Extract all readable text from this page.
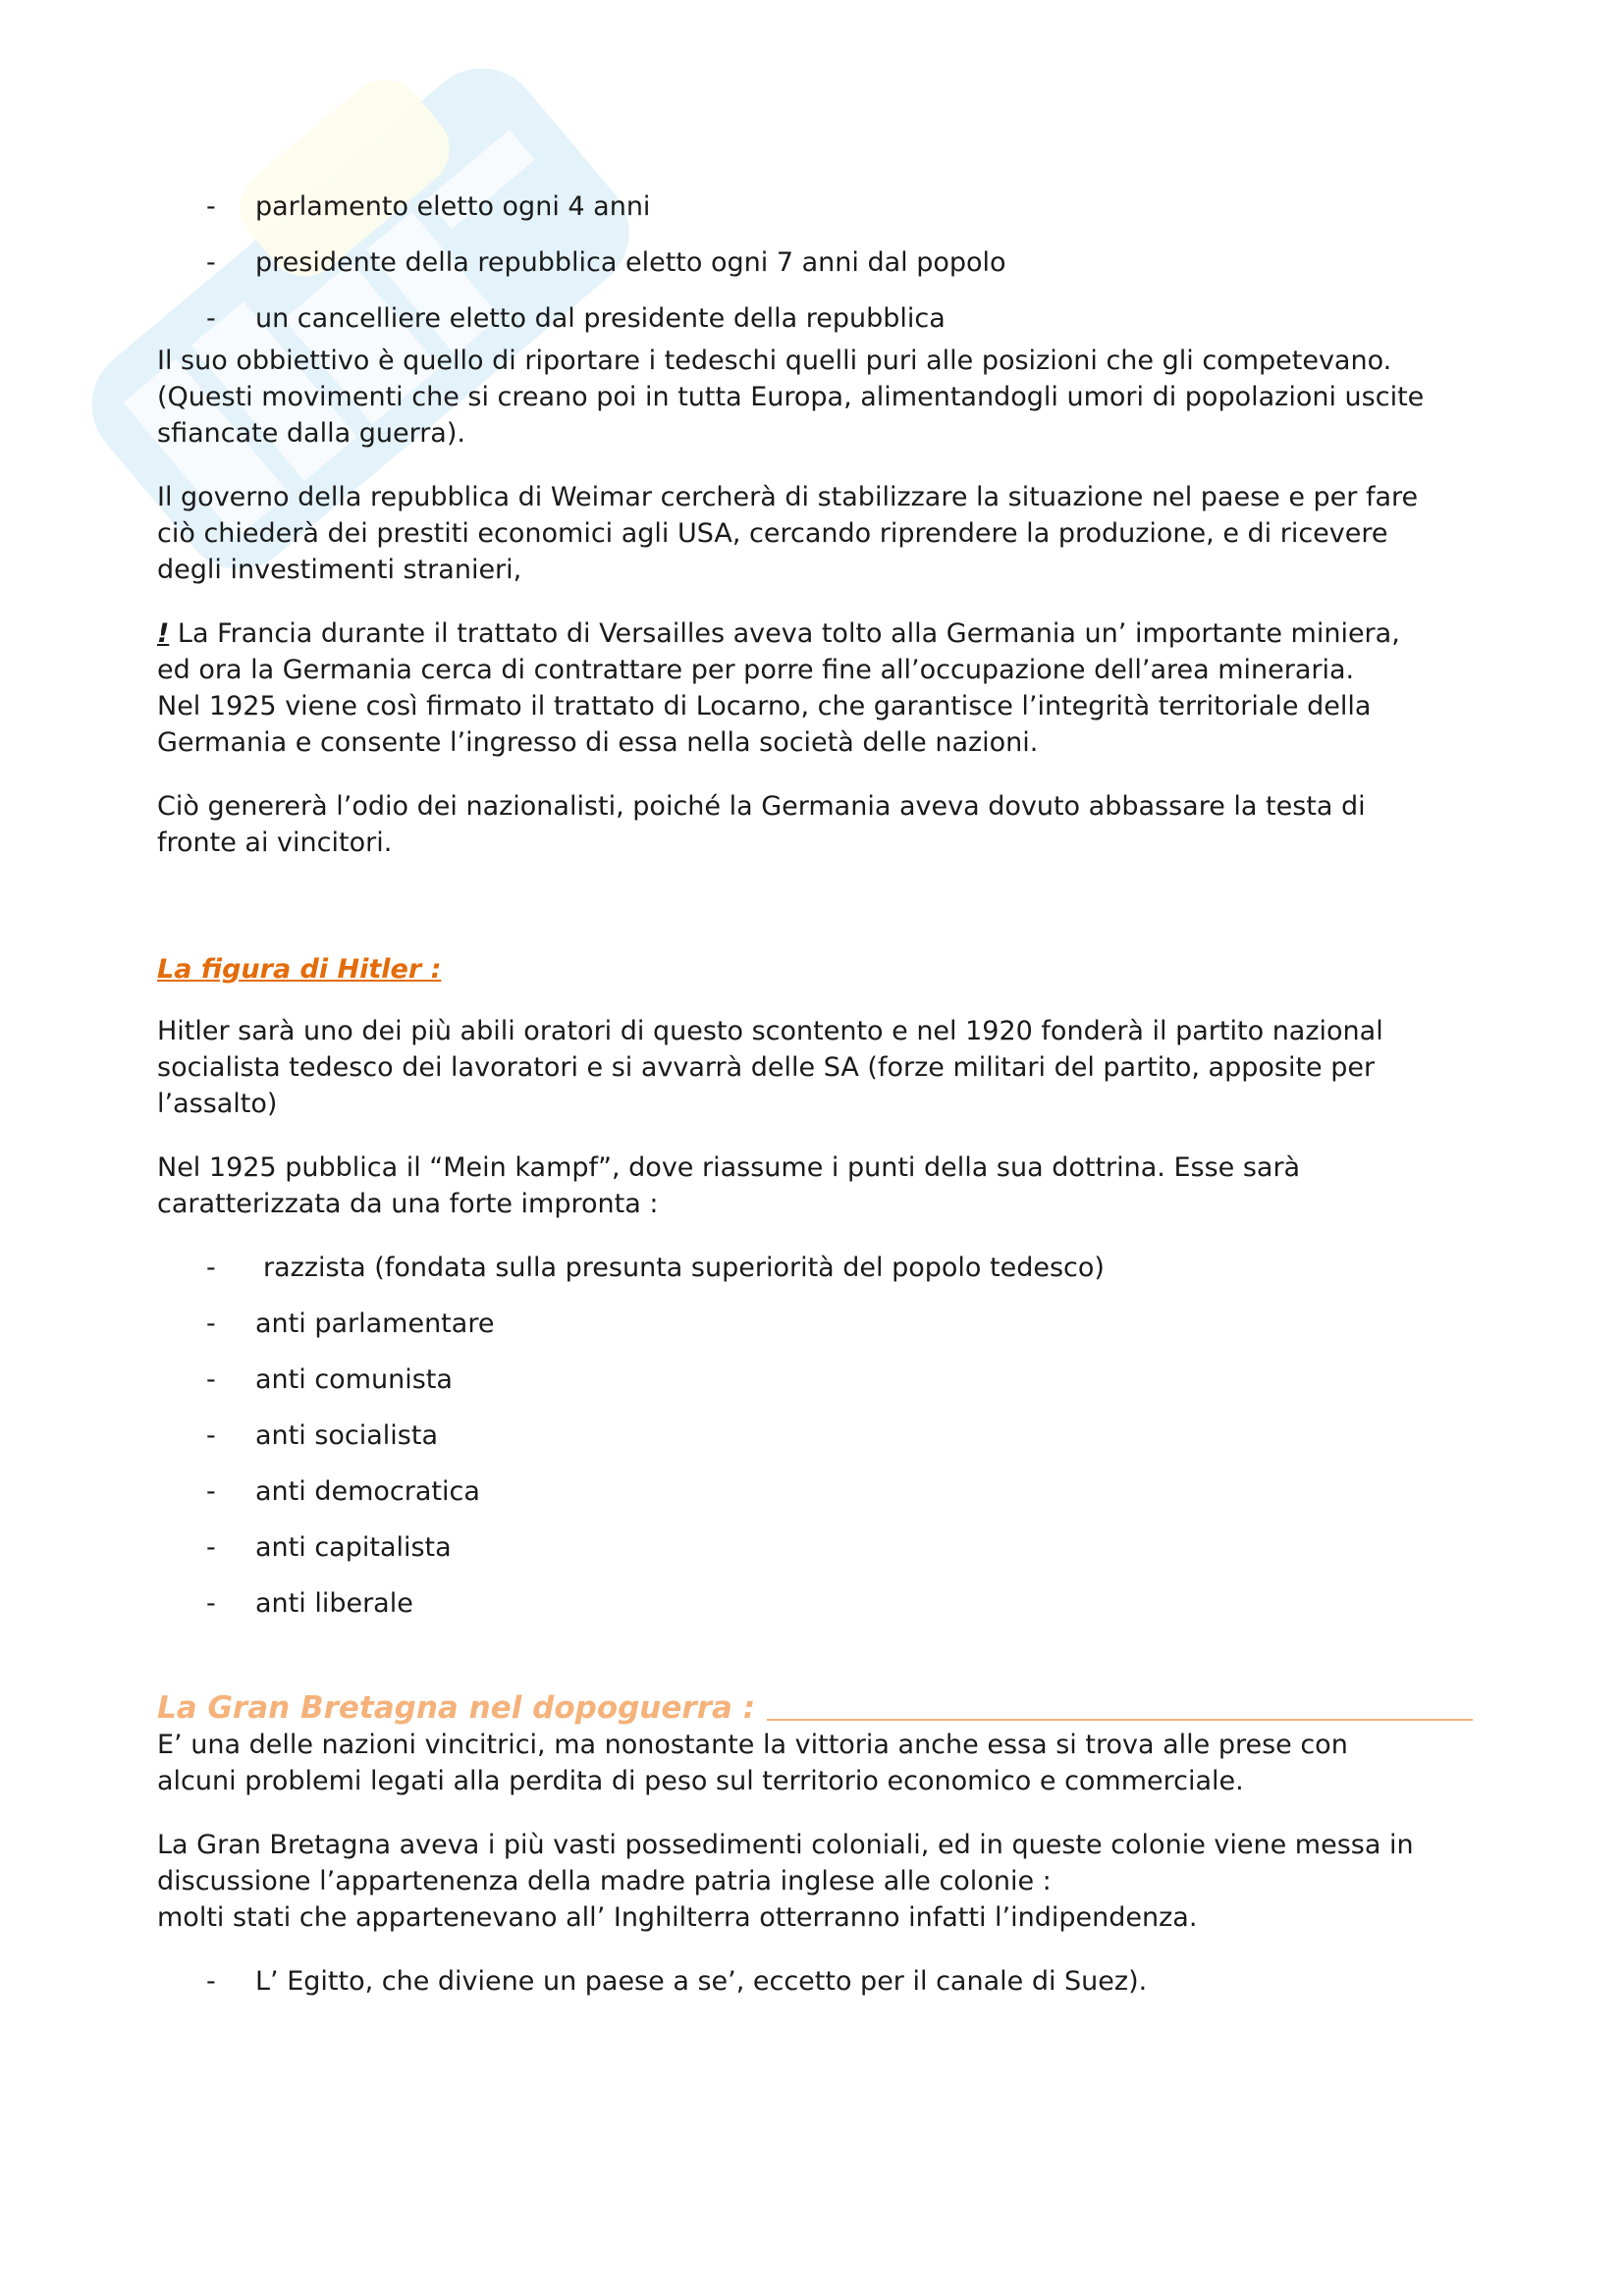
- parlamento eletto ogni 4 anni
- presidente della repubblica eletto ogni 7 anni dal popolo
- un cancelliere eletto dal presidente della repubblica

Il suo obbiettivo è quello di riportare i tedeschi quelli puri alle posizioni che gli competevano.
(Questi movimenti che si creano poi in tutta Europa, alimentandogli umori di popolazioni uscite
sfiancate dalla guerra).

Il governo della repubblica di Weimar cercherà di stabilizzare la situazione nel paese e per fare
ciò chiederà dei prestiti economici agli USA, cercando riprendere la produzione, e di ricevere
degli investimenti stranieri,

! La Francia durante il trattato di Versailles aveva tolto alla Germania un’ importante miniera,
ed ora la Germania cerca di contrattare per porre fine all’occupazione dell’area mineraria.
Nel 1925 viene così firmato il trattato di Locarno, che garantisce l’integrità territoriale della
Germania e consente l’ingresso di essa nella società delle nazioni.

Ciò genererà l’odio dei nazionalisti, poiché la Germania aveva dovuto abbassare la testa di
fronte ai vincitori.

La figura di Hitler :

Hitler sarà uno dei più abili oratori di questo scontento e nel 1920 fonderà il partito nazional
socialista tedesco dei lavoratori e si avvarrà delle SA (forze militari del partito, apposite per
l’assalto)

Nel 1925 pubblica il “Mein kampf”, dove riassume i punti della sua dottrina. Esse sarà
caratterizzata da una forte impronta :

- razzista (fondata sulla presunta superiorità del popolo tedesco)
- anti parlamentare
- anti comunista
- anti socialista
- anti democratica
- anti capitalista
- anti liberale

La Gran Bretagna nel dopoguerra :

E’ una delle nazioni vincitrici, ma nonostante la vittoria anche essa si trova alle prese con
alcuni problemi legati alla perdita di peso sul territorio economico e commerciale.

La Gran Bretagna aveva i più vasti possedimenti coloniali, ed in queste colonie viene messa in
discussione l’appartenenza della madre patria inglese alle colonie :
molti stati che appartenevano all’ Inghilterra otterranno infatti l’indipendenza.

- L’ Egitto, che diviene un paese a se’, eccetto per il canale di Suez).
